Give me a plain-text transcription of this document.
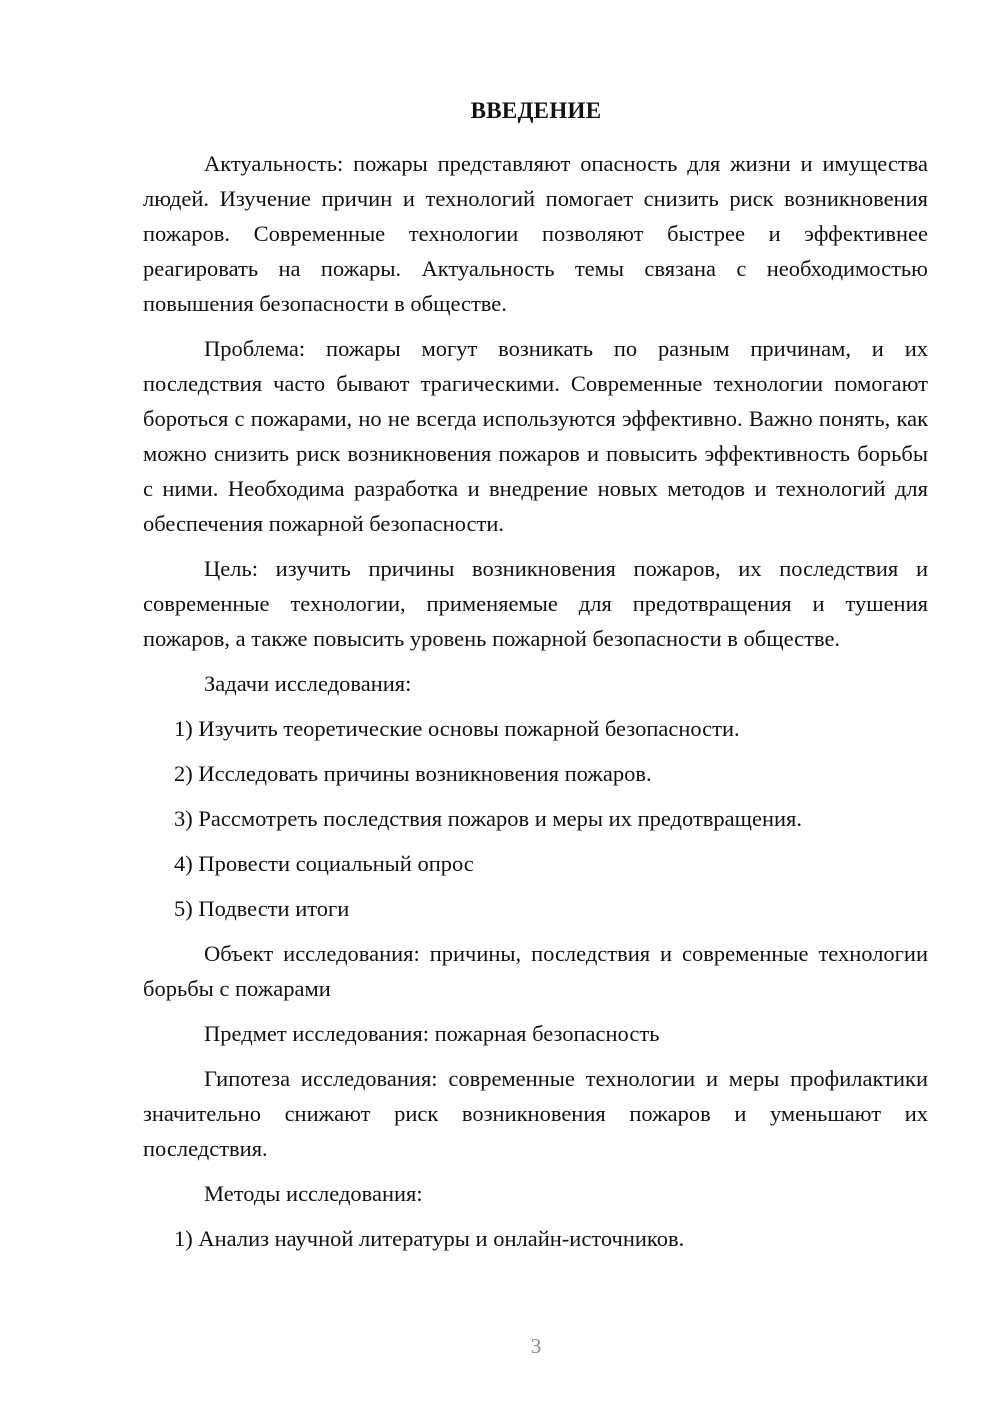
ВВЕДЕНИЕ

Актуальность: пожары представляют опасность для жизни и имущества людей. Изучение причин и технологий помогает снизить риск возникновения пожаров. Современные технологии позволяют быстрее и эффективнее реагировать на пожары. Актуальность темы связана с необходимостью повышения безопасности в обществе.

Проблема: пожары могут возникать по разным причинам, и их последствия часто бывают трагическими. Современные технологии помогают бороться с пожарами, но не всегда используются эффективно. Важно понять, как можно снизить риск возникновения пожаров и повысить эффективность борьбы с ними. Необходима разработка и внедрение новых методов и технологий для обеспечения пожарной безопасности.

Цель: изучить причины возникновения пожаров, их последствия и современные технологии, применяемые для предотвращения и тушения пожаров, а также повысить уровень пожарной безопасности в обществе.

Задачи исследования:

1) Изучить теоретические основы пожарной безопасности.

2) Исследовать причины возникновения пожаров.

3) Рассмотреть последствия пожаров и меры их предотвращения.

4) Провести социальный опрос

5) Подвести итоги

Объект исследования: причины, последствия и современные технологии борьбы с пожарами

Предмет исследования: пожарная безопасность

Гипотеза исследования: современные технологии и меры профилактики значительно снижают риск возникновения пожаров и уменьшают их последствия.

Методы исследования:

1) Анализ научной литературы и онлайн-источников.

3
